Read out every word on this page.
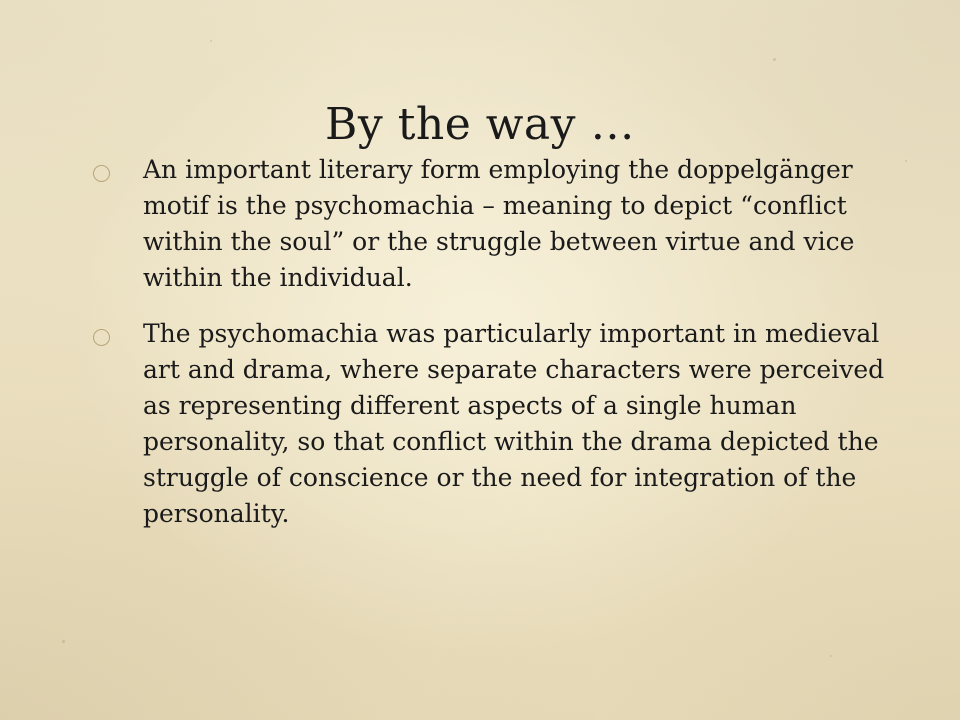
By the way …
An important literary form employing the doppelgänger motif is the psychomachia – meaning to depict “conflict within the soul” or the struggle between virtue and vice within the individual.
The psychomachia was particularly important in medieval art and drama, where separate characters were perceived as representing different aspects of a single human personality, so that conflict within the drama depicted the struggle of conscience or the need for integration of the personality.
